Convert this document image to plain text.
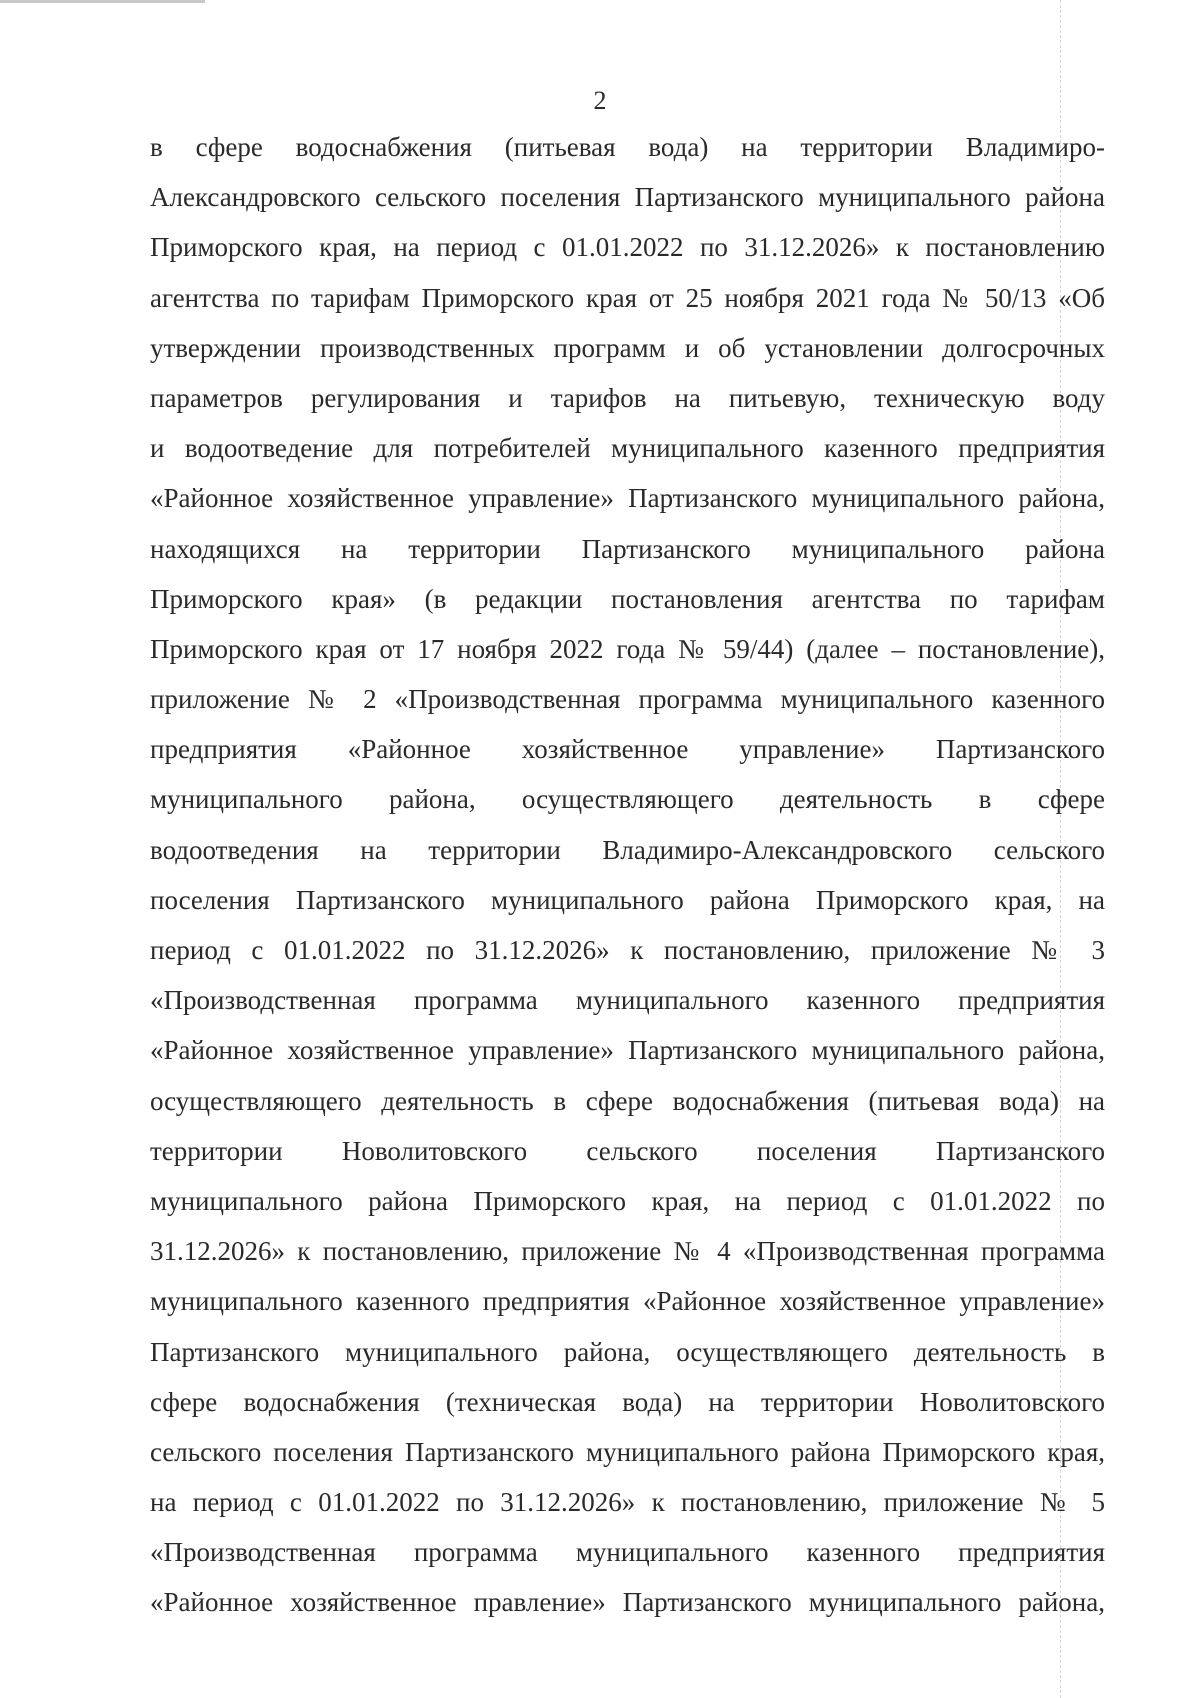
2
в сфере водоснабжения (питьевая вода) на территории Владимиро-
Александровского сельского поселения Партизанского муниципального района
Приморского края, на период с 01.01.2022 по 31.12.2026» к постановлению
агентства по тарифам Приморского края от 25 ноября 2021 года № 50/13 «Об
утверждении производственных программ и об установлении долгосрочных
параметров регулирования и тарифов на питьевую, техническую воду
и водоотведение для потребителей муниципального казенного предприятия
«Районное хозяйственное управление» Партизанского муниципального района,
находящихся на территории Партизанского муниципального района
Приморского края» (в редакции постановления агентства по тарифам
Приморского края от 17 ноября 2022 года № 59/44) (далее – постановление),
приложение № 2 «Производственная программа муниципального казенного
предприятия «Районное хозяйственное управление» Партизанского
муниципального района, осуществляющего деятельность в сфере
водоотведения на территории Владимиро-Александровского сельского
поселения Партизанского муниципального района Приморского края, на
период с 01.01.2022 по 31.12.2026» к постановлению, приложение № 3
«Производственная программа муниципального казенного предприятия
«Районное хозяйственное управление» Партизанского муниципального района,
осуществляющего деятельность в сфере водоснабжения (питьевая вода) на
территории Новолитовского сельского поселения Партизанского
муниципального района Приморского края, на период с 01.01.2022 по
31.12.2026» к постановлению, приложение № 4 «Производственная программа
муниципального казенного предприятия «Районное хозяйственное управление»
Партизанского муниципального района, осуществляющего деятельность в
сфере водоснабжения (техническая вода) на территории Новолитовского
сельского поселения Партизанского муниципального района Приморского края,
на период с 01.01.2022 по 31.12.2026» к постановлению, приложение № 5
«Производственная программа муниципального казенного предприятия
«Районное хозяйственное правление» Партизанского муниципального района,
